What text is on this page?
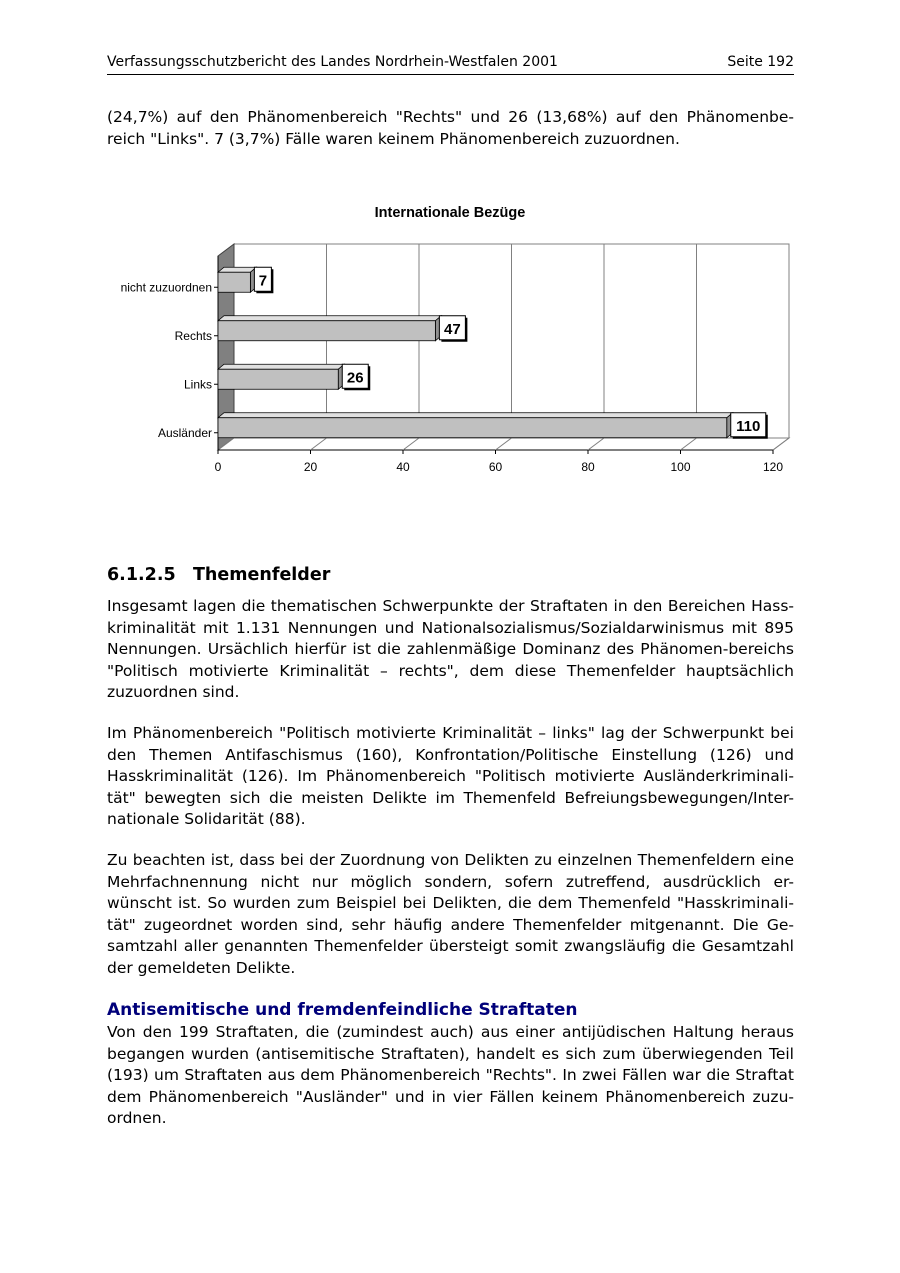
Verfassungsschutzbericht des Landes Nordrhein-Westfalen 2001	Seite 192

(24,7%) auf den Phänomenbereich "Rechts" und 26 (13,68%) auf den Phänomenbe-reich "Links". 7 (3,7%) Fälle waren keinem Phänomenbereich zuzuordnen.

Internationale Bezüge
7
47
26
110
nicht zuzuordnen
Rechts
Links
Ausländer
0	20	40	60	80	100	120
6.1.2.5 Themenfelder

Insgesamt lagen die thematischen Schwerpunkte der Straftaten in den Bereichen Hass-kriminalität mit 1.131 Nennungen und Nationalsozialismus/Sozialdarwinismus mit 895 Nennungen. Ursächlich hierfür ist die zahlenmäßige Dominanz des Phänomen-bereichs "Politisch motivierte Kriminalität – rechts", dem diese Themenfelder hauptsächlich zuzuordnen sind.

Im Phänomenbereich "Politisch motivierte Kriminalität – links" lag der Schwerpunkt bei den Themen Antifaschismus (160), Konfrontation/Politische Einstellung (126) und Hasskriminalität (126). Im Phänomenbereich "Politisch motivierte Ausländerkriminali-tät" bewegten sich die meisten Delikte im Themenfeld Befreiungsbewegungen/Inter-nationale Solidarität (88).

Zu beachten ist, dass bei der Zuordnung von Delikten zu einzelnen Themenfeldern eine Mehrfachnennung nicht nur möglich sondern, sofern zutreffend, ausdrücklich er-wünscht ist. So wurden zum Beispiel bei Delikten, die dem Themenfeld "Hasskriminali-tät" zugeordnet worden sind, sehr häufig andere Themenfelder mitgenannt. Die Ge-samtzahl aller genannten Themenfelder übersteigt somit zwangsläufig die Gesamtzahl der gemeldeten Delikte.

Antisemitische und fremdenfeindliche Straftaten

Von den 199 Straftaten, die (zumindest auch) aus einer antijüdischen Haltung heraus begangen wurden (antisemitische Straftaten), handelt es sich zum überwiegenden Teil (193) um Straftaten aus dem Phänomenbereich "Rechts". In zwei Fällen war die Straftat dem Phänomenbereich "Ausländer" und in vier Fällen keinem Phänomenbereich zuzu-ordnen.
